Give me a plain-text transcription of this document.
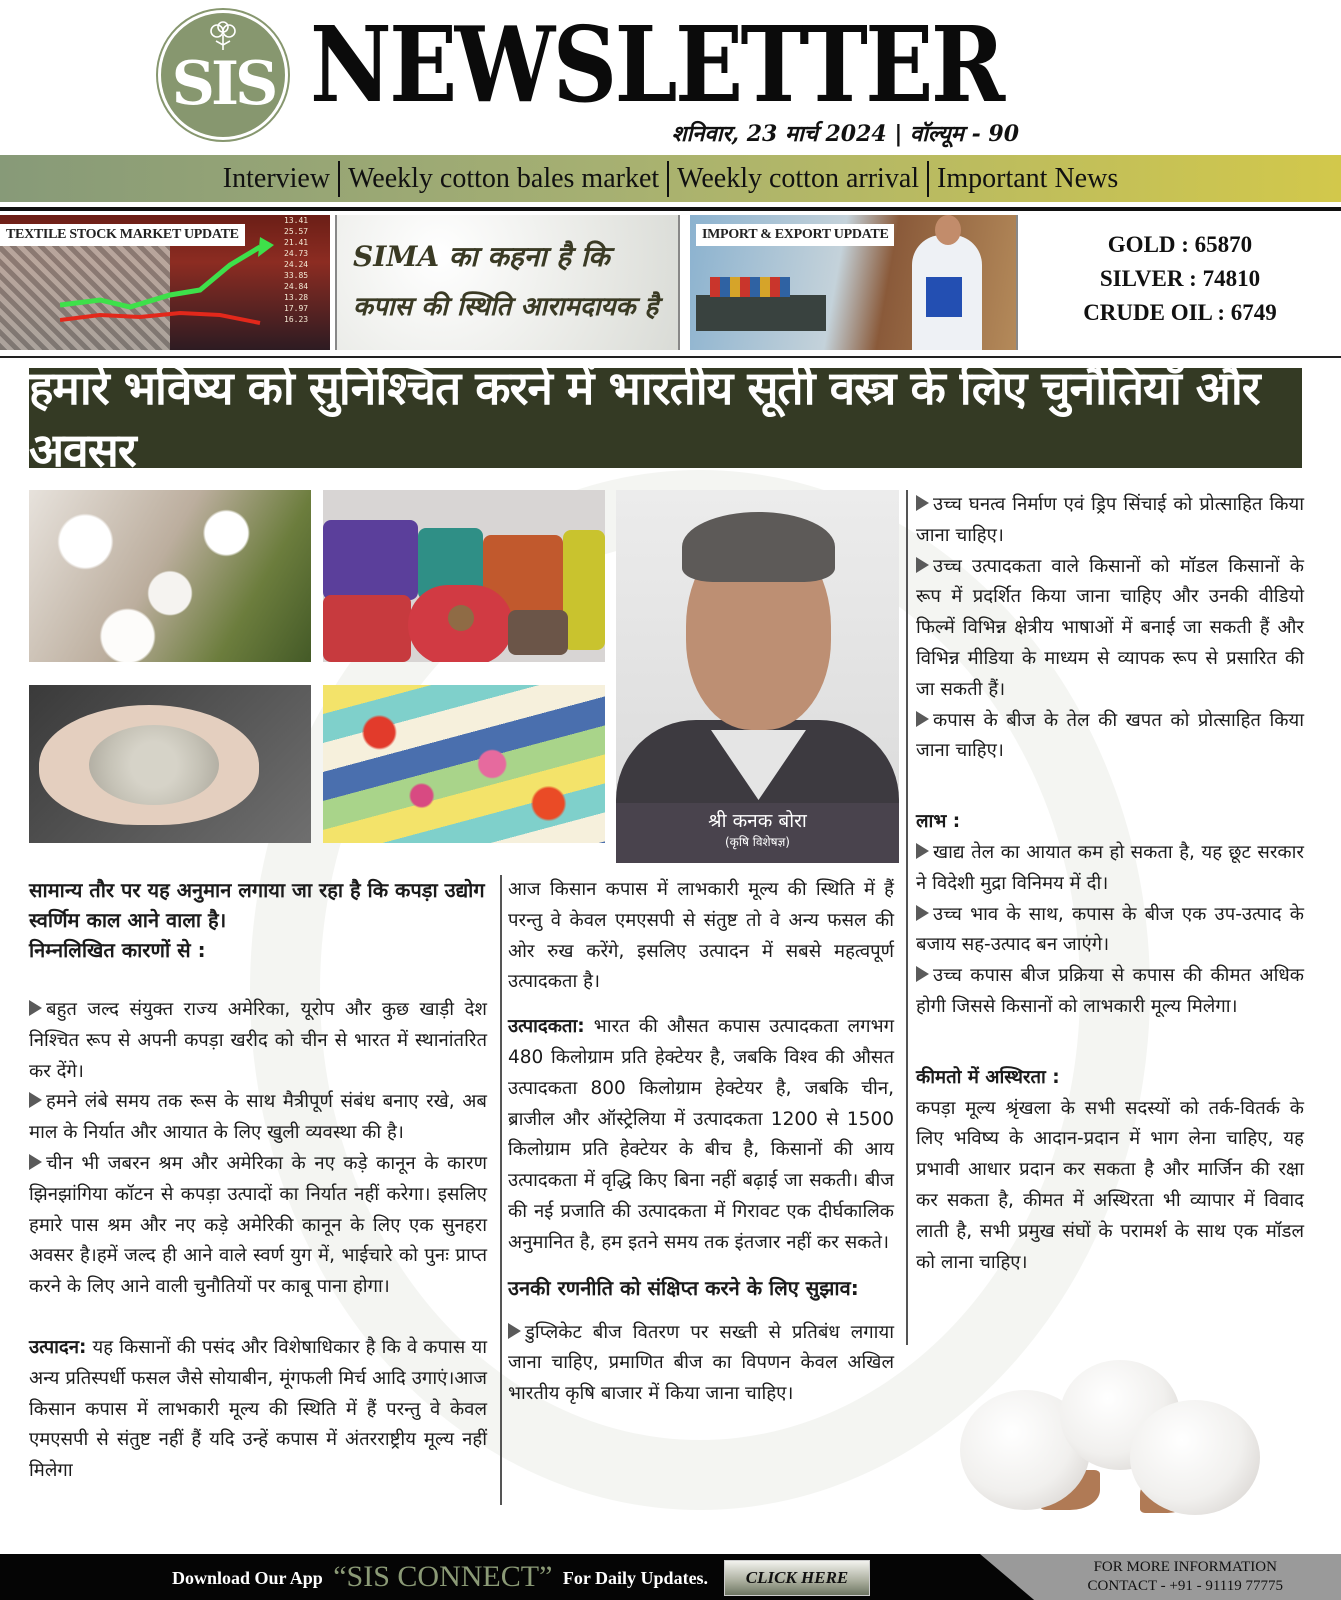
SIS NEWSLETTER
शनिवार, 23 मार्च 2024 | वॉल्यूम - 90
Interview Weekly cotton bales market Weekly cotton arrival Important News
13.41
25.57
21.41
24.73
24.24
33.85
24.84
13.28
17.97
16.23
TEXTILE STOCK MARKET UPDATE
SIMA का कहना है कि
कपास की स्थिति आरामदायक है
IMPORT & EXPORT UPDATE	GOLD : 65870
SILVER : 74810
CRUDE OIL : 6749
हमारे भविष्य को सुनिश्चित करने में भारतीय सूती वस्त्र के लिए चुनौतियाँ और अवसर
श्री कनक बोरा
(कृषि विशेषज्ञ)

सामान्य तौर पर यह अनुमान लगाया जा रहा है कि कपड़ा उद्योग स्वर्णिम काल आने वाला है।

निम्नलिखित कारणों से :

बहुत जल्द संयुक्त राज्य अमेरिका, यूरोप और कुछ खाड़ी देश निश्चित रूप से अपनी कपड़ा खरीद को चीन से भारत में स्थानांतरित कर देंगे।

हमने लंबे समय तक रूस के साथ मैत्रीपूर्ण संबंध बनाए रखे, अब माल के निर्यात और आयात के लिए खुली व्यवस्था की है।

चीन भी जबरन श्रम और अमेरिका के नए कड़े कानून के कारण झिनझांगिया कॉटन से कपड़ा उत्पादों का निर्यात नहीं करेगा। इसलिए हमारे पास श्रम और नए कड़े अमेरिकी कानून के लिए एक सुनहरा अवसर है।हमें जल्द ही आने वाले स्वर्ण युग में, भाईचारे को पुनः प्राप्त करने के लिए आने वाली चुनौतियों पर काबू पाना होगा।

उत्पादन: यह किसानों की पसंद और विशेषाधिकार है कि वे कपास या अन्य प्रतिस्पर्धी फसल जैसे सोयाबीन, मूंगफली मिर्च आदि उगाएं।आज किसान कपास में लाभकारी मूल्य की स्थिति में हैं परन्तु वे केवल एमएसपी से संतुष्ट नहीं हैं यदि उन्हें कपास में अंतरराष्ट्रीय मूल्य नहीं मिलेगा

आज किसान कपास में लाभकारी मूल्य की स्थिति में हैं परन्तु वे केवल एमएसपी से संतुष्ट तो वे अन्य फसल की ओर रुख करेंगे, इसलिए उत्पादन में सबसे महत्वपूर्ण उत्पादकता है।

उत्पादकता: भारत की औसत कपास उत्पादकता लगभग 480 किलोग्राम प्रति हेक्टेयर है, जबकि विश्व की औसत उत्पादकता 800 किलोग्राम हेक्टेयर है, जबकि चीन, ब्राजील और ऑस्ट्रेलिया में उत्पादकता 1200 से 1500 किलोग्राम प्रति हेक्टेयर के बीच है, किसानों की आय उत्पादकता में वृद्धि किए बिना नहीं बढ़ाई जा सकती। बीज की नई प्रजाति की उत्पादकता में गिरावट एक दीर्घकालिक अनुमानित है, हम इतने समय तक इंतजार नहीं कर सकते।

उनकी रणनीति को संक्षिप्त करने के लिए सुझाव:

डुप्लिकेट बीज वितरण पर सख्ती से प्रतिबंध लगाया जाना चाहिए, प्रमाणित बीज का विपणन केवल अखिल भारतीय कृषि बाजार में किया जाना चाहिए।

उच्च घनत्व निर्माण एवं ड्रिप सिंचाई को प्रोत्साहित किया जाना चाहिए।

उच्च उत्पादकता वाले किसानों को मॉडल किसानों के रूप में प्रदर्शित किया जाना चाहिए और उनकी वीडियो फिल्में विभिन्न क्षेत्रीय भाषाओं में बनाई जा सकती हैं और विभिन्न मीडिया के माध्यम से व्यापक रूप से प्रसारित की जा सकती हैं।

कपास के बीज के तेल की खपत को प्रोत्साहित किया जाना चाहिए।

लाभ :

खाद्य तेल का आयात कम हो सकता है, यह छूट सरकार ने विदेशी मुद्रा विनिमय में दी।

उच्च भाव के साथ, कपास के बीज एक उप-उत्पाद के बजाय सह-उत्पाद बन जाएंगे।

उच्च कपास बीज प्रक्रिया से कपास की कीमत अधिक होगी जिससे किसानों को लाभकारी मूल्य मिलेगा।

कीमतो में अस्थिरता :

कपड़ा मूल्य श्रृंखला के सभी सदस्यों को तर्क-वितर्क के लिए भविष्य के आदान-प्रदान में भाग लेना चाहिए, यह प्रभावी आधार प्रदान कर सकता है और मार्जिन की रक्षा कर सकता है, कीमत में अस्थिरता भी व्यापार में विवाद लाती है, सभी प्रमुख संघों के परामर्श के साथ एक मॉडल को लाना चाहिए।

Download Our App “SIS CONNECT” For Daily Updates.	CLICK HERE
FOR MORE INFORMATION
CONTACT - +91 - 91119 77775
